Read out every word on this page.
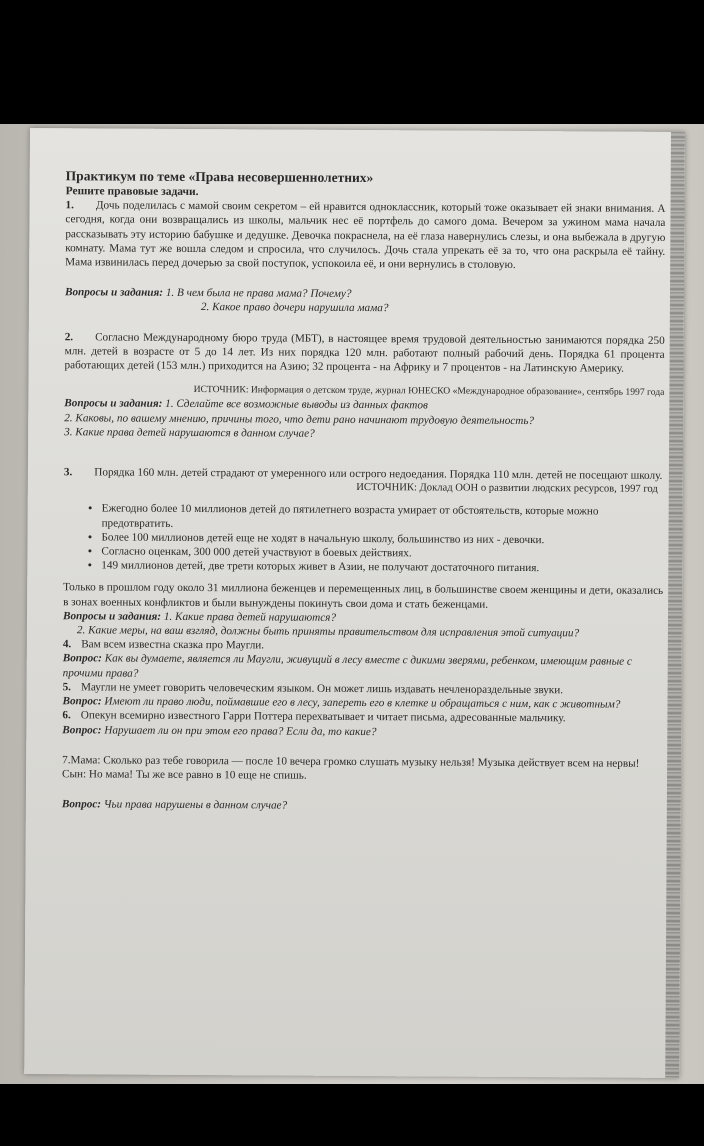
Практикум по теме «Права несовершеннолетних»

Решите правовые задачи.

1. Дочь поделилась с мамой своим секретом – ей нравится одноклассник, который тоже оказывает ей знаки внимания. А сегодня, когда они возвращались из школы, мальчик нес её портфель до самого дома. Вечером за ужином мама начала рассказывать эту историю бабушке и дедушке. Девочка покраснела, на её глаза навернулись слезы, и она выбежала в другую комнату. Мама тут же вошла следом и спросила, что случилось. Дочь стала упрекать её за то, что она раскрыла её тайну. Мама извинилась перед дочерью за свой поступок, успокоила её, и они вернулись в столовую.

Вопросы и задания: 1. В чем была не права мама? Почему?

2. Какое право дочери нарушила мама?

2. Согласно Международному бюро труда (МБТ), в настоящее время трудовой деятельностью занимаются порядка 250 млн. детей в возрасте от 5 до 14 лет. Из них порядка 120 млн. работают полный рабочий день. Порядка 61 процента работающих детей (153 млн.) приходится на Азию; 32 процента - на Африку и 7 процентов - на Латинскую Америку.

ИСТОЧНИК: Информация о детском труде, журнал ЮНЕСКО «Международное образование», сентябрь 1997 года

Вопросы и задания: 1. Сделайте все возможные выводы из данных фактов

2. Каковы, по вашему мнению, причины того, что дети рано начинают трудовую деятельность?

3. Какие права детей нарушаются в данном случае?

3. Порядка 160 млн. детей страдают от умеренного или острого недоедания. Порядка 110 млн. детей не посещают школу.

ИСТОЧНИК: Доклад ООН о развитии людских ресурсов, 1997 год

• Ежегодно более 10 миллионов детей до пятилетнего возраста умирает от обстоятельств, которые можно предотвратить.
• Более 100 миллионов детей еще не ходят в начальную школу, большинство из них - девочки.
• Согласно оценкам, 300 000 детей участвуют в боевых действиях.
• 149 миллионов детей, две трети которых живет в Азии, не получают достаточного питания.

Только в прошлом году около 31 миллиона беженцев и перемещенных лиц, в большинстве своем женщины и дети, оказались в зонах военных конфликтов и были вынуждены покинуть свои дома и стать беженцами.

Вопросы и задания: 1. Какие права детей нарушаются?

2. Какие меры, на ваш взгляд, должны быть приняты правительством для исправления этой ситуации?

4. Вам всем известна сказка про Маугли.

Вопрос: Как вы думаете, является ли Маугли, живущий в лесу вместе с дикими зверями, ребенком, имеющим равные с прочими права?

5. Маугли не умеет говорить человеческим языком. Он может лишь издавать нечленораздельные звуки.

Вопрос: Имеют ли право люди, поймавшие его в лесу, запереть его в клетке и обращаться с ним, как с животным?

6. Опекун всемирно известного Гарри Поттера перехватывает и читает письма, адресованные мальчику.

Вопрос: Нарушает ли он при этом его права? Если да, то какие?

7.Мама: Сколько раз тебе говорила — после 10 вечера громко слушать музыку нельзя! Музыка действует всем на нервы!

Сын: Но мама! Ты же все равно в 10 еще не спишь.

Вопрос: Чьи права нарушены в данном случае?
